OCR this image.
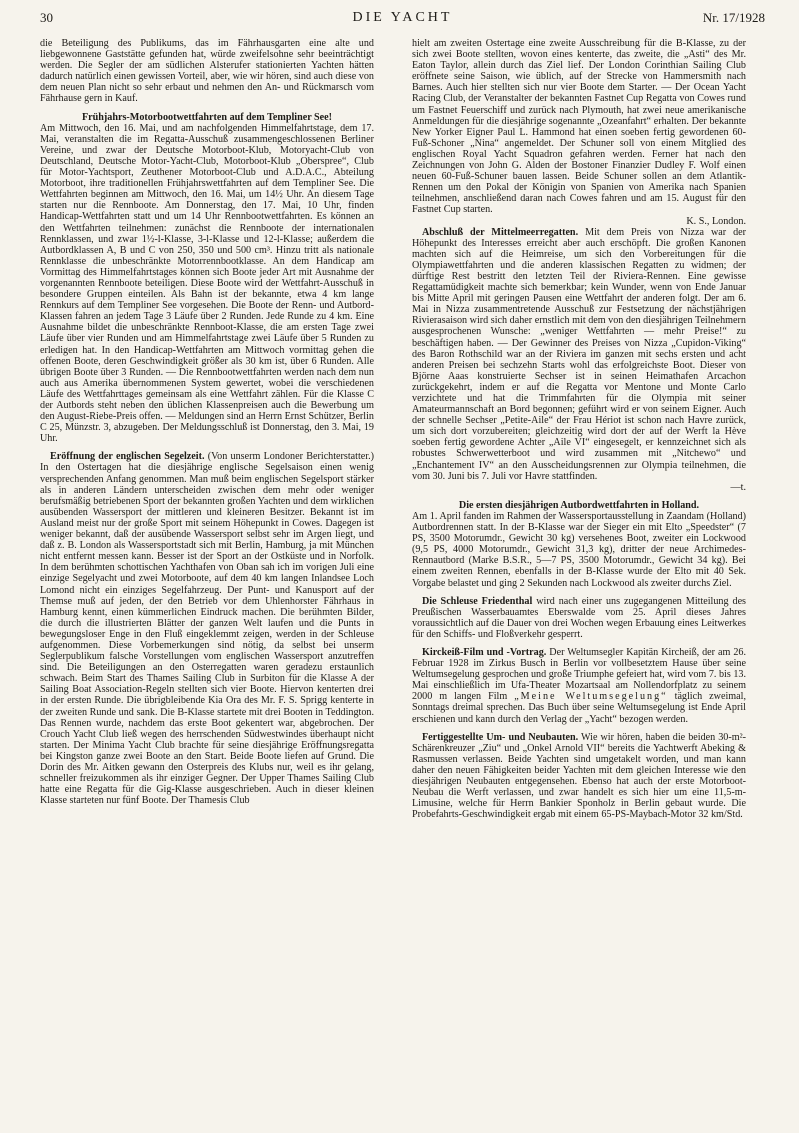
30	DIE YACHT	Nr. 17/1928

die Beteiligung des Publikums, das im Fährhausgarten eine alte und liebgewonnene Gaststätte gefunden hat, würde zweifelsohne sehr beeinträchtigt werden. Die Segler der am südlichen Alsterufer stationierten Yachten hätten dadurch natürlich einen gewissen Vorteil, aber, wie wir hören, sind auch diese von dem neuen Plan nicht so sehr erbaut und nehmen den An- und Rückmarsch vom Fährhause gern in Kauf.

Frühjahrs-Motorbootwettfahrten auf dem Templiner See!

Am Mittwoch, den 16. Mai, und am nachfolgenden Himmelfahrtstage, dem 17. Mai, veranstalten die im Regatta-Ausschuß zusammengeschlossenen Berliner Vereine, und zwar der Deutsche Motorboot-Klub, Motoryacht-Club von Deutschland, Deutsche Motor-Yacht-Club, Motorboot-Klub „Oberspree“, Club für Motor-Yachtsport, Zeuthener Motorboot-Club und A.D.A.C., Abteilung Motorboot, ihre traditionellen Frühjahrswettfahrten auf dem Templiner See. Die Wettfahrten beginnen am Mittwoch, den 16. Mai, um 14½ Uhr. An diesem Tage starten nur die Rennboote. Am Donnerstag, den 17. Mai, 10 Uhr, finden Handicap-Wettfahrten statt und um 14 Uhr Rennbootwettfahrten. Es können an den Wettfahrten teilnehmen: zunächst die Rennboote der internationalen Rennklassen, und zwar 1½-l-Klasse, 3-l-Klasse und 12-l-Klasse; außerdem die Autbordklassen A, B und C von 250, 350 und 500 cm³. Hinzu tritt als nationale Rennklasse die unbeschränkte Motorrennbootklasse. An dem Handicap am Vormittag des Himmelfahrtstages können sich Boote jeder Art mit Ausnahme der vorgenannten Rennboote beteiligen. Diese Boote wird der Wettfahrt-Ausschuß in besondere Gruppen einteilen. Als Bahn ist der bekannte, etwa 4 km lange Rennkurs auf dem Templiner See vorgesehen. Die Boote der Renn- und Autbord-Klassen fahren an jedem Tage 3 Läufe über 2 Runden. Jede Runde zu 4 km. Eine Ausnahme bildet die unbeschränkte Rennboot-Klasse, die am ersten Tage zwei Läufe über vier Runden und am Himmelfahrtstage zwei Läufe über 5 Runden zu erledigen hat. In den Handicap-Wettfahrten am Mittwoch vormittag gehen die offenen Boote, deren Geschwindigkeit größer als 30 km ist, über 6 Runden. Alle übrigen Boote über 3 Runden. — Die Rennbootwettfahrten werden nach dem nun auch aus Amerika übernommenen System gewertet, wobei die verschiedenen Läufe des Wettfahrttages gemeinsam als eine Wettfahrt zählen. Für die Klasse C der Autbords steht neben den üblichen Klassenpreisen auch die Bewerbung um den August-Riebe-Preis offen. — Meldungen sind an Herrn Ernst Schützer, Berlin C 25, Münzstr. 3, abzugeben. Der Meldungsschluß ist Donnerstag, den 3. Mai, 19 Uhr.

Eröffnung der englischen Segelzeit. (Von unserm Londoner Berichterstatter.) In den Ostertagen hat die diesjährige englische Segelsaison einen wenig versprechenden Anfang genommen. Man muß beim englischen Segelsport stärker als in anderen Ländern unterscheiden zwischen dem mehr oder weniger berufsmäßig betriebenen Sport der bekannten großen Yachten und dem wirklichen ausübenden Wassersport der mittleren und kleineren Besitzer. Bekannt ist im Ausland meist nur der große Sport mit seinem Höhepunkt in Cowes. Dagegen ist weniger bekannt, daß der ausübende Wassersport selbst sehr im Argen liegt, und daß z. B. London als Wassersportstadt sich mit Berlin, Hamburg, ja mit München nicht entfernt messen kann. Besser ist der Sport an der Ostküste und in Norfolk. In dem berühmten schottischen Yachthafen von Oban sah ich im vorigen Juli eine einzige Segelyacht und zwei Motorboote, auf dem 40 km langen Inlandsee Loch Lomond nicht ein einziges Segelfahrzeug. Der Punt- und Kanusport auf der Themse muß auf jeden, der den Betrieb vor dem Uhlenhorster Fährhaus in Hamburg kennt, einen kümmerlichen Eindruck machen. Die berühmten Bilder, die durch die illustrierten Blätter der ganzen Welt laufen und die Punts in bewegungsloser Enge in den Fluß eingeklemmt zeigen, werden in der Schleuse aufgenommen. Diese Vorbemerkungen sind nötig, da selbst bei unserm Seglerpublikum falsche Vorstellungen vom englischen Wassersport anzutreffen sind. Die Beteiligungen an den Osterregatten waren geradezu erstaunlich schwach. Beim Start des Thames Sailing Club in Surbiton für die Klasse A der Sailing Boat Association-Regeln stellten sich vier Boote. Hiervon kenterten drei in der ersten Runde. Die übrigbleibende Kia Ora des Mr. F. S. Sprigg kenterte in der zweiten Runde und sank. Die B-Klasse startete mit drei Booten in Teddington. Das Rennen wurde, nachdem das erste Boot gekentert war, abgebrochen. Der Crouch Yacht Club ließ wegen des herrschenden Südwestwindes überhaupt nicht starten. Der Minima Yacht Club brachte für seine diesjährige Eröffnungsregatta bei Kingston ganze zwei Boote an den Start. Beide Boote liefen auf Grund. Die Dorin des Mr. Aitken gewann den Osterpreis des Klubs nur, weil es ihr gelang, schneller freizukommen als ihr einziger Gegner. Der Upper Thames Sailing Club hatte eine Regatta für die Gig-Klasse ausgeschrieben. Auch in dieser kleinen Klasse starteten nur fünf Boote. Der Thamesis Club

hielt am zweiten Ostertage eine zweite Ausschreibung für die B-Klasse, zu der sich zwei Boote stellten, wovon eines kenterte, das zweite, die „Asti“ des Mr. Eaton Taylor, allein durch das Ziel lief. Der London Corinthian Sailing Club eröffnete seine Saison, wie üblich, auf der Strecke von Hammersmith nach Barnes. Auch hier stellten sich nur vier Boote dem Starter. — Der Ocean Yacht Racing Club, der Veranstalter der bekannten Fastnet Cup Regatta von Cowes rund um Fastnet Feuerschiff und zurück nach Plymouth, hat zwei neue amerikanische Anmeldungen für die diesjährige sogenannte „Ozeanfahrt“ erhalten. Der bekannte New Yorker Eigner Paul L. Hammond hat einen soeben fertig gewordenen 60-Fuß-Schoner „Nina“ angemeldet. Der Schuner soll von einem Mitglied des englischen Royal Yacht Squadron gefahren werden. Ferner hat nach den Zeichnungen von John G. Alden der Bostoner Finanzier Dudley F. Wolf einen neuen 60-Fuß-Schuner bauen lassen. Beide Schuner sollen an dem Atlantik-Rennen um den Pokal der Königin von Spanien von Amerika nach Spanien teilnehmen, anschließend daran nach Cowes fahren und am 15. August für den Fastnet Cup starten.

K. S., London.

Abschluß der Mittelmeerregatten. Mit dem Preis von Nizza war der Höhepunkt des Interesses erreicht aber auch erschöpft. Die großen Kanonen machten sich auf die Heimreise, um sich den Vorbereitungen für die Olympiawettfahrten und die anderen klassischen Regatten zu widmen; der dürftige Rest bestritt den letzten Teil der Riviera-Rennen. Eine gewisse Regattamüdigkeit machte sich bemerkbar; kein Wunder, wenn von Ende Januar bis Mitte April mit geringen Pausen eine Wettfahrt der anderen folgt. Der am 6. Mai in Nizza zusammentretende Ausschuß zur Festsetzung der nächstjährigen Rivierasaison wird sich daher ernstlich mit dem von den diesjährigen Teilnehmern ausgesprochenen Wunsche: „weniger Wettfahrten — mehr Preise!“ zu beschäftigen haben. — Der Gewinner des Preises von Nizza „Cupidon-Viking“ des Baron Rothschild war an der Riviera im ganzen mit sechs ersten und acht anderen Preisen bei sechzehn Starts wohl das erfolgreichste Boot. Dieser von Björne Aaas konstruierte Sechser ist in seinen Heimathafen Arcachon zurückgekehrt, indem er auf die Regatta vor Mentone und Monte Carlo verzichtete und hat die Trimmfahrten für die Olympia mit seiner Amateurmannschaft an Bord begonnen; geführt wird er von seinem Eigner. Auch der schnelle Sechser „Petite-Aile“ der Frau Hériot ist schon nach Havre zurück, um sich dort vorzubereiten; gleichzeitig wird dort der auf der Werft la Hève soeben fertig gewordene Achter „Aile VI“ eingesegelt, er kennzeichnet sich als robustes Schwerwetterboot und wird zusammen mit „Nitchewo“ und „Enchantement IV“ an den Ausscheidungsrennen zur Olympia teilnehmen, die vom 30. Juni bis 7. Juli vor Havre stattfinden.

—t.

Die ersten diesjährigen Autbordwettfahrten in Holland.

Am 1. April fanden im Rahmen der Wassersportausstellung in Zaandam (Holland) Autbordrennen statt. In der B-Klasse war der Sieger ein mit Elto „Speedster“ (7 PS, 3500 Motorumdr., Gewicht 30 kg) versehenes Boot, zweiter ein Lockwood (9,5 PS, 4000 Motorumdr., Gewicht 31,3 kg), dritter der neue Archimedes-Rennautbord (Marke B.S.R., 5—7 PS, 3500 Motorumdr., Gewicht 34 kg). Bei einem zweiten Rennen, ebenfalls in der B-Klasse wurde der Elto mit 40 Sek. Vorgabe belastet und ging 2 Sekunden nach Lockwood als zweiter durchs Ziel.

Die Schleuse Friedenthal wird nach einer uns zugegangenen Mitteilung des Preußischen Wasserbauamtes Eberswalde vom 25. April dieses Jahres voraussichtlich auf die Dauer von drei Wochen wegen Erbauung eines Leitwerkes für den Schiffs- und Floßverkehr gesperrt.

Kirckeiß-Film und -Vortrag. Der Weltumsegler Kapitän Kircheiß, der am 26. Februar 1928 im Zirkus Busch in Berlin vor vollbesetztem Hause über seine Weltumsegelung gesprochen und große Triumphe gefeiert hat, wird vom 7. bis 13. Mai einschließlich im Ufa-Theater Mozartsaal am Nollendorfplatz zu seinem 2000 m langen Film „Meine Weltumsegelung“ täglich zweimal, Sonntags dreimal sprechen. Das Buch über seine Weltumsegelung ist Ende April erschienen und kann durch den Verlag der „Yacht“ bezogen werden.

Fertiggestellte Um- und Neubauten. Wie wir hören, haben die beiden 30-m²-Schärenkreuzer „Ziu“ und „Onkel Arnold VII“ bereits die Yachtwerft Abeking & Rasmussen verlassen. Beide Yachten sind umgetakelt worden, und man kann daher den neuen Fähigkeiten beider Yachten mit dem gleichen Interesse wie den diesjährigen Neubauten entgegensehen. Ebenso hat auch der erste Motorboot-Neubau die Werft verlassen, und zwar handelt es sich hier um eine 11,5-m-Limusine, welche für Herrn Bankier Sponholz in Berlin gebaut wurde. Die Probefahrts-Geschwindigkeit ergab mit einem 65-PS-Maybach-Motor 32 km/Std.
